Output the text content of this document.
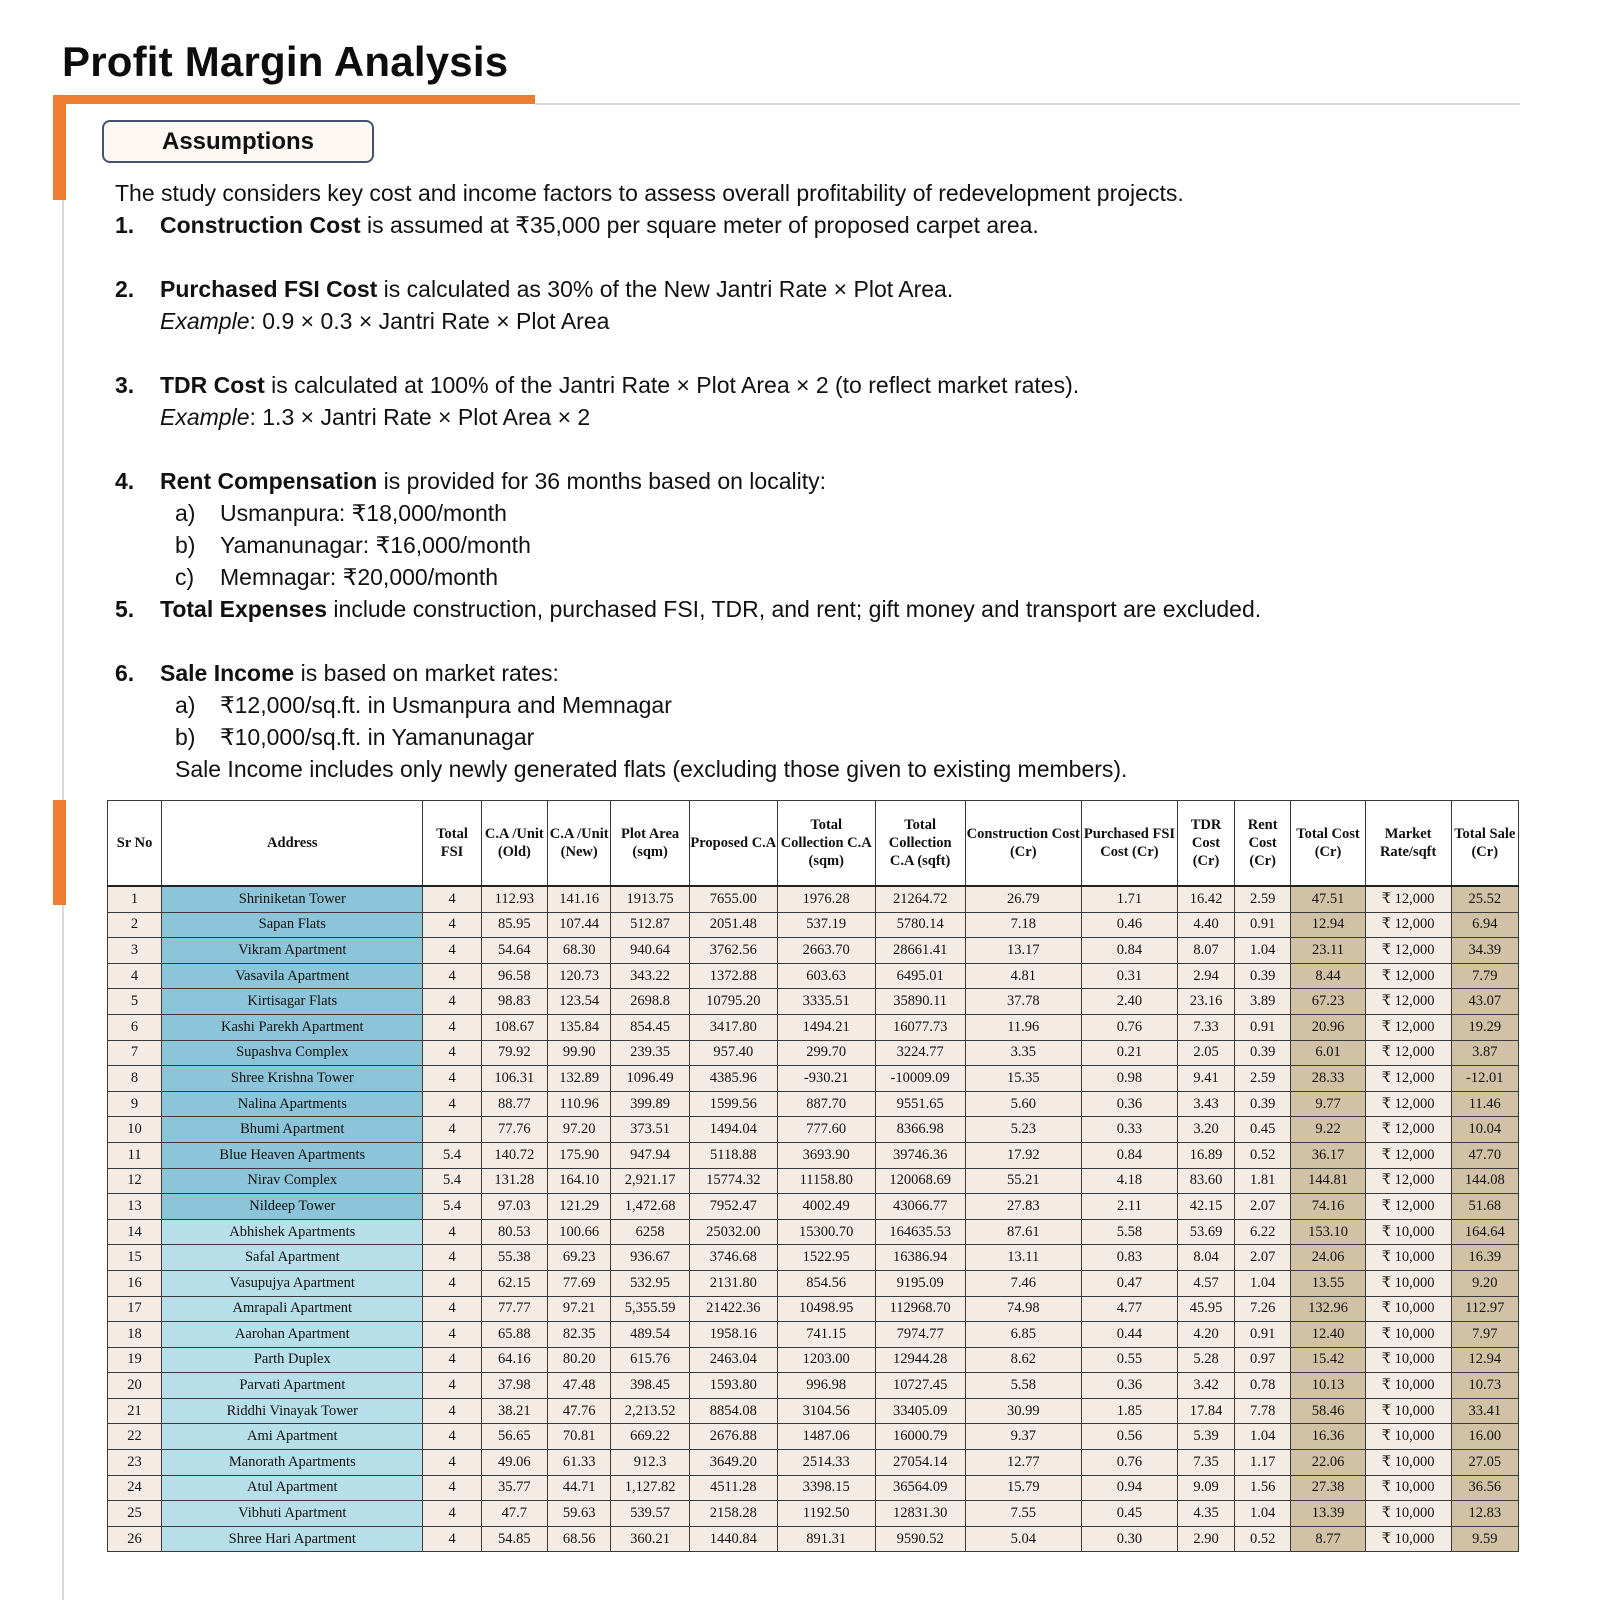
Profit Margin Analysis
Assumptions

The study considers key cost and income factors to assess overall profitability of redevelopment projects.

1.	Construction Cost is assumed at ₹35,000 per square meter of proposed carpet area.
2.	Purchased FSI Cost is calculated as 30% of the New Jantri Rate × Plot Area.
Example: 0.9 × 0.3 × Jantri Rate × Plot Area
3.	TDR Cost is calculated at 100% of the Jantri Rate × Plot Area × 2 (to reflect market rates).
Example: 1.3 × Jantri Rate × Plot Area × 2
4.	Rent Compensation is provided for 36 months based on locality:
a)	Usmanpura: ₹18,000/month
b)	Yamanunagar: ₹16,000/month
c)	Memnagar: ₹20,000/month
5.	Total Expenses include construction, purchased FSI, TDR, and rent; gift money and transport are excluded.
6.	Sale Income is based on market rates:
a)	₹12,000/sq.ft. in Usmanpura and Memnagar
b)	₹10,000/sq.ft. in Yamanunagar
Sale Income includes only newly generated flats (excluding those given to existing members).
Sr No	Address	Total FSI	C.A /Unit (Old)	C.A /Unit (New)	Plot Area (sqm)	Proposed C.A	Total Collection C.A (sqm)	Total Collection C.A (sqft)	Construction Cost (Cr)	Purchased FSI Cost (Cr)	TDR Cost (Cr)	Rent Cost (Cr)	Total Cost (Cr)	Market Rate/sqft	Total Sale (Cr)
1	Shriniketan Tower	4	112.93	141.16	1913.75	7655.00	1976.28	21264.72	26.79	1.71	16.42	2.59	47.51	₹ 12,000	25.52
2	Sapan Flats	4	85.95	107.44	512.87	2051.48	537.19	5780.14	7.18	0.46	4.40	0.91	12.94	₹ 12,000	6.94
3	Vikram Apartment	4	54.64	68.30	940.64	3762.56	2663.70	28661.41	13.17	0.84	8.07	1.04	23.11	₹ 12,000	34.39
4	Vasavila Apartment	4	96.58	120.73	343.22	1372.88	603.63	6495.01	4.81	0.31	2.94	0.39	8.44	₹ 12,000	7.79
5	Kirtisagar Flats	4	98.83	123.54	2698.8	10795.20	3335.51	35890.11	37.78	2.40	23.16	3.89	67.23	₹ 12,000	43.07
6	Kashi Parekh Apartment	4	108.67	135.84	854.45	3417.80	1494.21	16077.73	11.96	0.76	7.33	0.91	20.96	₹ 12,000	19.29
7	Supashva Complex	4	79.92	99.90	239.35	957.40	299.70	3224.77	3.35	0.21	2.05	0.39	6.01	₹ 12,000	3.87
8	Shree Krishna Tower	4	106.31	132.89	1096.49	4385.96	-930.21	-10009.09	15.35	0.98	9.41	2.59	28.33	₹ 12,000	-12.01
9	Nalina Apartments	4	88.77	110.96	399.89	1599.56	887.70	9551.65	5.60	0.36	3.43	0.39	9.77	₹ 12,000	11.46
10	Bhumi Apartment	4	77.76	97.20	373.51	1494.04	777.60	8366.98	5.23	0.33	3.20	0.45	9.22	₹ 12,000	10.04
11	Blue Heaven Apartments	5.4	140.72	175.90	947.94	5118.88	3693.90	39746.36	17.92	0.84	16.89	0.52	36.17	₹ 12,000	47.70
12	Nirav Complex	5.4	131.28	164.10	2,921.17	15774.32	11158.80	120068.69	55.21	4.18	83.60	1.81	144.81	₹ 12,000	144.08
13	Nildeep Tower	5.4	97.03	121.29	1,472.68	7952.47	4002.49	43066.77	27.83	2.11	42.15	2.07	74.16	₹ 12,000	51.68
14	Abhishek Apartments	4	80.53	100.66	6258	25032.00	15300.70	164635.53	87.61	5.58	53.69	6.22	153.10	₹ 10,000	164.64
15	Safal Apartment	4	55.38	69.23	936.67	3746.68	1522.95	16386.94	13.11	0.83	8.04	2.07	24.06	₹ 10,000	16.39
16	Vasupujya Apartment	4	62.15	77.69	532.95	2131.80	854.56	9195.09	7.46	0.47	4.57	1.04	13.55	₹ 10,000	9.20
17	Amrapali Apartment	4	77.77	97.21	5,355.59	21422.36	10498.95	112968.70	74.98	4.77	45.95	7.26	132.96	₹ 10,000	112.97
18	Aarohan Apartment	4	65.88	82.35	489.54	1958.16	741.15	7974.77	6.85	0.44	4.20	0.91	12.40	₹ 10,000	7.97
19	Parth Duplex	4	64.16	80.20	615.76	2463.04	1203.00	12944.28	8.62	0.55	5.28	0.97	15.42	₹ 10,000	12.94
20	Parvati Apartment	4	37.98	47.48	398.45	1593.80	996.98	10727.45	5.58	0.36	3.42	0.78	10.13	₹ 10,000	10.73
21	Riddhi Vinayak Tower	4	38.21	47.76	2,213.52	8854.08	3104.56	33405.09	30.99	1.85	17.84	7.78	58.46	₹ 10,000	33.41
22	Ami Apartment	4	56.65	70.81	669.22	2676.88	1487.06	16000.79	9.37	0.56	5.39	1.04	16.36	₹ 10,000	16.00
23	Manorath Apartments	4	49.06	61.33	912.3	3649.20	2514.33	27054.14	12.77	0.76	7.35	1.17	22.06	₹ 10,000	27.05
24	Atul Apartment	4	35.77	44.71	1,127.82	4511.28	3398.15	36564.09	15.79	0.94	9.09	1.56	27.38	₹ 10,000	36.56
25	Vibhuti Apartment	4	47.7	59.63	539.57	2158.28	1192.50	12831.30	7.55	0.45	4.35	1.04	13.39	₹ 10,000	12.83
26	Shree Hari Apartment	4	54.85	68.56	360.21	1440.84	891.31	9590.52	5.04	0.30	2.90	0.52	8.77	₹ 10,000	9.59
